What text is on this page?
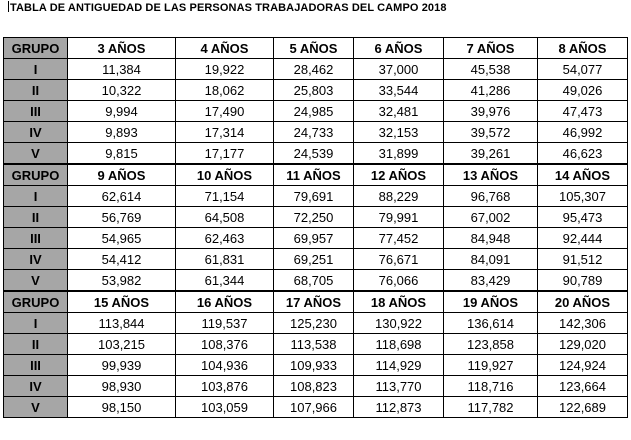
TABLA DE ANTIGUEDAD DE LAS PERSONAS TRABAJADORAS DEL CAMPO 2018
GRUPO	3 AÑOS	4 AÑOS	5 AÑOS	6 AÑOS	7 AÑOS	8 AÑOS
I	11,384	19,922	28,462	37,000	45,538	54,077
II	10,322	18,062	25,803	33,544	41,286	49,026
III	9,994	17,490	24,985	32,481	39,976	47,473
IV	9,893	17,314	24,733	32,153	39,572	46,992
V	9,815	17,177	24,539	31,899	39,261	46,623
GRUPO	9 AÑOS	10 AÑOS	11 AÑOS	12 AÑOS	13 AÑOS	14 AÑOS
I	62,614	71,154	79,691	88,229	96,768	105,307
II	56,769	64,508	72,250	79,991	67,002	95,473
III	54,965	62,463	69,957	77,452	84,948	92,444
IV	54,412	61,831	69,251	76,671	84,091	91,512
V	53,982	61,344	68,705	76,066	83,429	90,789
GRUPO	15 AÑOS	16 AÑOS	17 AÑOS	18 AÑOS	19 AÑOS	20 AÑOS
I	113,844	119,537	125,230	130,922	136,614	142,306
II	103,215	108,376	113,538	118,698	123,858	129,020
III	99,939	104,936	109,933	114,929	119,927	124,924
IV	98,930	103,876	108,823	113,770	118,716	123,664
V	98,150	103,059	107,966	112,873	117,782	122,689
